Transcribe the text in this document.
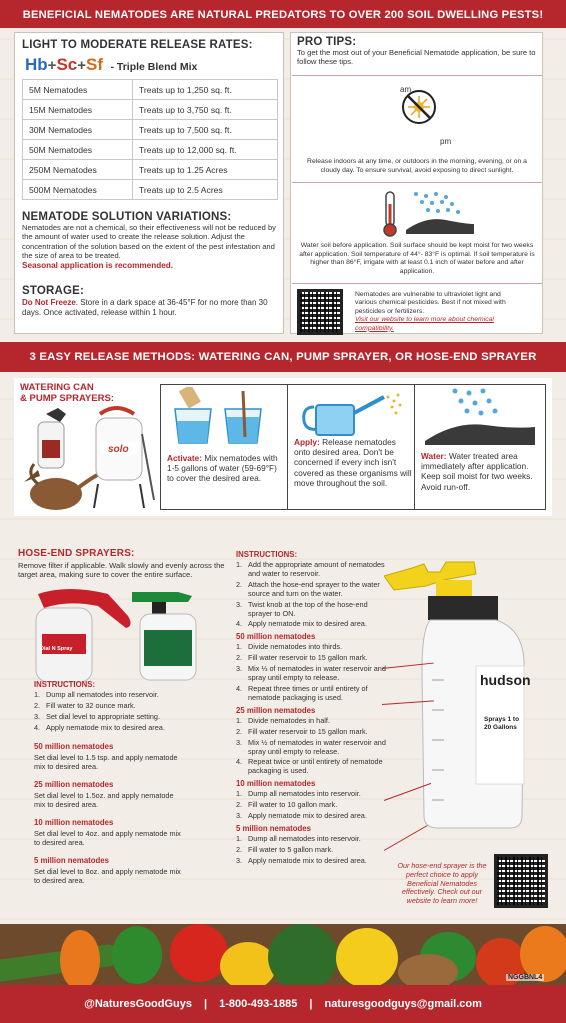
BENEFICIAL NEMATODES ARE NATURAL PREDATORS TO OVER 200 SOIL DWELLING PESTS!
LIGHT TO MODERATE RELEASE RATES:
Hb+Sc+Sf - Triple Blend Mix
5M Nematodes	Treats up to 1,250 sq. ft.
15M Nematodes	Treats up to 3,750 sq. ft.
30M Nematodes	Treats up to 7,500 sq. ft.
50M Nematodes	Treats up to 12,000 sq. ft.
250M Nematodes	Treats up to 1.25 Acres
500M Nematodes	Treats up to 2.5 Acres
NEMATODE SOLUTION VARIATIONS:
Nematodes are not a chemical, so their effectiveness will not be reduced by the amount of water used to create the release solution. Adjust the concentration of the solution based on the extent of the pest infestation and the size of area to be treated.
Seasonal application is recommended.
STORAGE:
Do Not Freeze. Store in a dark space at 36-45°F for no more than 30 days. Once activated, release within 1 hour.
PRO TIPS:
To get the most out of your Beneficial Nematode application, be sure to follow these tips.
am
pm
Release indoors at any time, or outdoors in the morning, evening, or on a cloudy day. To ensure survival, avoid exposing to direct sunlight.
Water soil before application. Soil surface should be kept moist for two weeks after application. Soil temperature of 44°- 83°F is optimal. If soil temperature is higher than 86°F, irrigate with at least 0.1 inch of water before and after application.
Nematodes are vulnerable to ultraviolet light and various chemical pesticides. Best if not mixed with pesticides or fertilizers.
Visit our website to learn more about chemical compatibility.
3 EASY RELEASE METHODS: WATERING CAN, PUMP SPRAYER, OR HOSE-END SPRAYER
WATERING CAN
& PUMP SPRAYERS:
solo
Activate: Mix nematodes with 1-5 gallons of water (59-69°F) to cover the desired area.
Apply: Release nematodes onto desired area. Don't be concerned if every inch isn't covered as these organisms will move throughout the soil.
Water: Water treated area immediately after application. Keep soil moist for two weeks. Avoid run-off.
HOSE-END SPRAYERS:
Remove filter if applicable. Walk slowly and evenly across the target area, making sure to cover the entire surface.
Dial N Spray
INSTRUCTIONS:
1. Dump all nematodes into reservoir.
2. Fill water to 32 ounce mark.
3. Set dial level to appropriate setting.
4. Apply nematode mix to desired area.
50 million nematodes
Set dial level to 1.5 tsp. and apply nematode mix to desired area.
25 million nematodes
Set dial level to 1.5oz. and apply nematode mix to desired area.
10 million nematodes
Set dial level to 4oz. and apply nematode mix to desired area.
5 million nematodes
Set dial level to 8oz. and apply nematode mix to desired area.
INSTRUCTIONS:
1. Add the appropriate amount of nematodes and water to reservoir.
2. Attach the hose-end sprayer to the water source and turn on the water.
3. Twist knob at the top of the hose-end sprayer to ON.
4. Apply nematode mix to desired area.
50 million nematodes
1. Divide nematodes into thirds.
2. Fill water reservoir to 15 gallon mark.
3. Mix ⅓ of nematodes in water reservoir and spray until empty to release.
4. Repeat three times or until entirety of nematode packaging is used.
25 million nematodes
1. Divide nematodes in half.
2. Fill water reservoir to 15 gallon mark.
3. Mix ½ of nematodes in water reservoir and spray until empty to release.
4. Repeat twice or until entirety of nematode packaging is used.
10 million nematodes
1. Dump all nematodes into reservoir.
2. Fill water to 10 gallon mark.
3. Apply nematode mix to desired area.
5 million nematodes
1. Dump all nematodes into reservoir.
2. Fill water to 5 gallon mark.
3. Apply nematode mix to desired area.
hudson
Sprays 1 to 20 Gallons
Our hose-end sprayer is the perfect choice to apply Beneficial Nematodes effectively. Check out our website to learn more!
NGGBNL4
@NaturesGoodGuys | 1-800-493-1885 | naturesgoodguys@gmail.com
